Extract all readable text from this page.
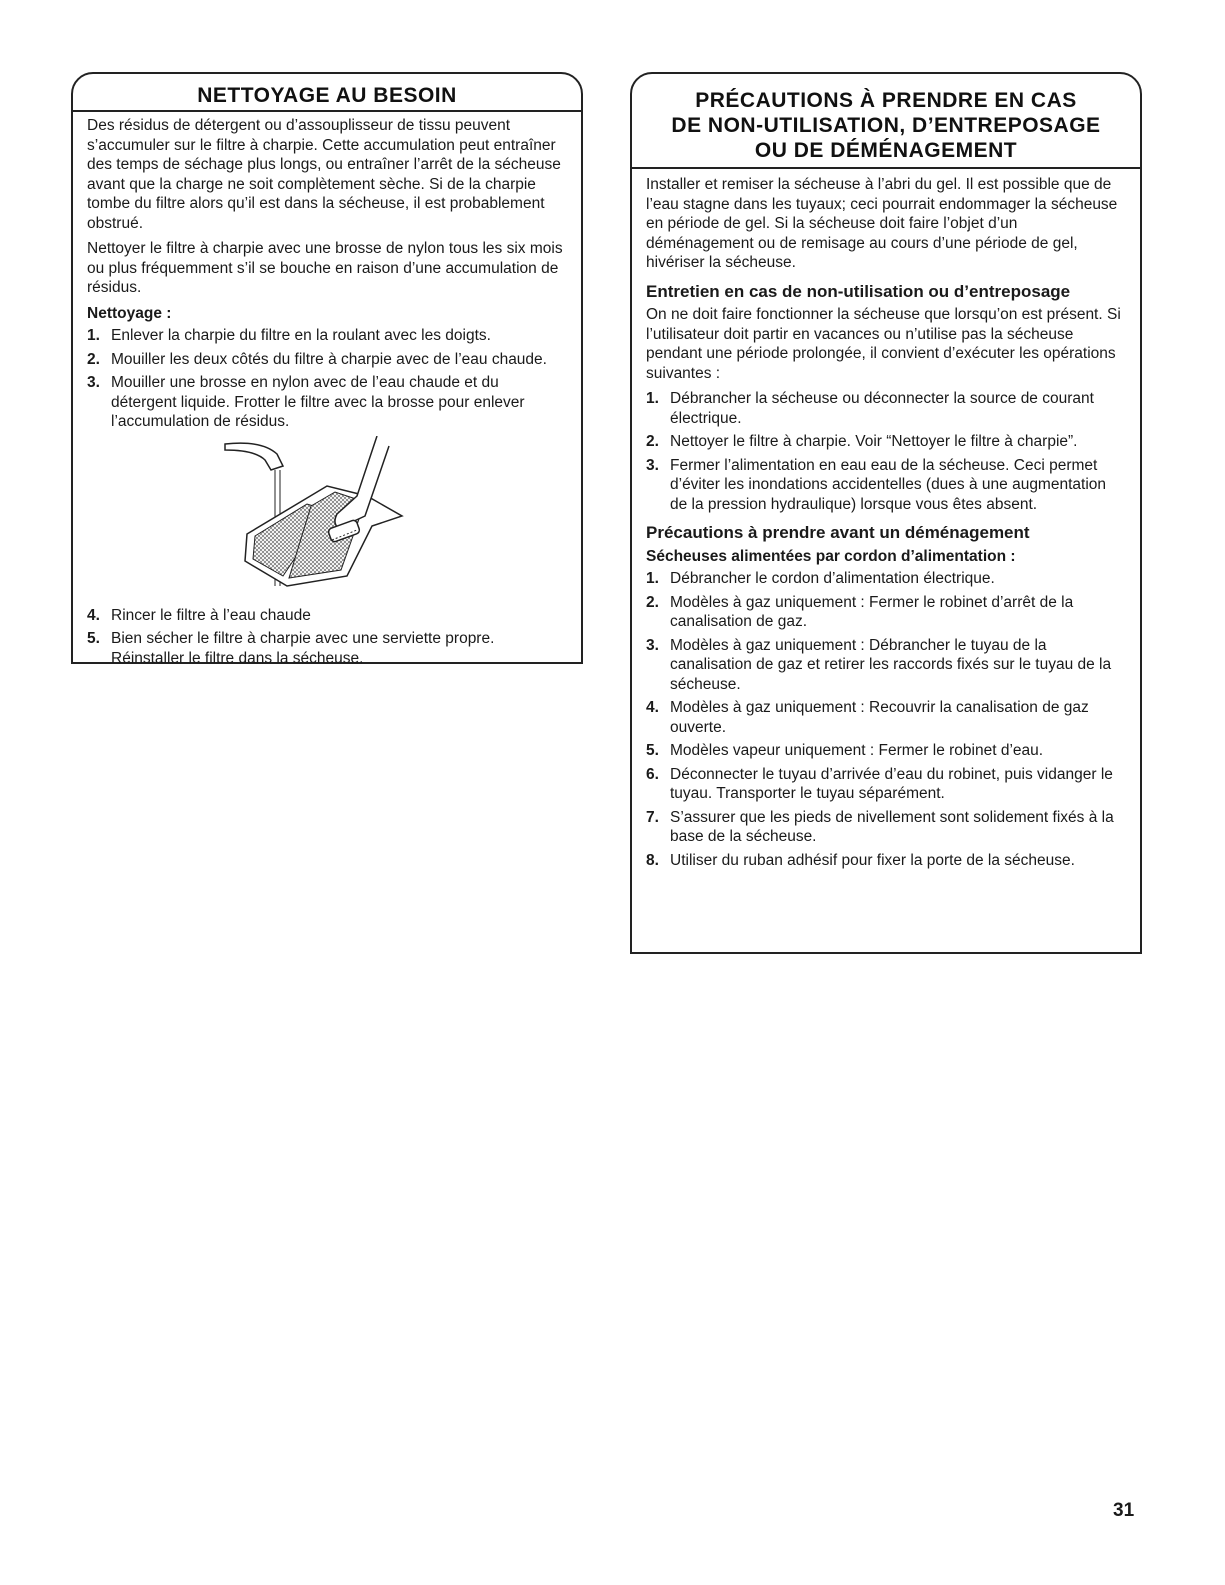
NETTOYAGE AU BESOIN

Des résidus de détergent ou d’assouplisseur de tissu peuvent s’accumuler sur le filtre à charpie. Cette accumulation peut entraîner des temps de séchage plus longs, ou entraîner l’arrêt de la sécheuse avant que la charge ne soit complètement sèche. Si de la charpie tombe du filtre alors qu’il est dans la sécheuse, il est probablement obstrué.

Nettoyer le filtre à charpie avec une brosse de nylon tous les six mois ou plus fréquemment s’il se bouche en raison d’une accumulation de résidus.

Nettoyage :
1. Enlever la charpie du filtre en la roulant avec les doigts.
2. Mouiller les deux côtés du filtre à charpie avec de l’eau chaude.
3. Mouiller une brosse en nylon avec de l’eau chaude et du détergent liquide. Frotter le filtre avec la brosse pour enlever l’accumulation de résidus.
4. Rincer le filtre à l’eau chaude
5. Bien sécher le filtre à charpie avec une serviette propre. Réinstaller le filtre dans la sécheuse.
PRÉCAUTIONS À PRENDRE EN CAS
DE NON-UTILISATION, D’ENTREPOSAGE
OU DE DÉMÉNAGEMENT

Installer et remiser la sécheuse à l’abri du gel. Il est possible que de l’eau stagne dans les tuyaux; ceci pourrait endommager la sécheuse en période de gel. Si la sécheuse doit faire l’objet d’un déménagement ou de remisage au cours d’une période de gel, hivériser la sécheuse.

Entretien en cas de non-utilisation ou d’entreposage

On ne doit faire fonctionner la sécheuse que lorsqu’on est présent. Si l’utilisateur doit partir en vacances ou n’utilise pas la sécheuse pendant une période prolongée, il convient d’exécuter les opérations suivantes :

1. Débrancher la sécheuse ou déconnecter la source de courant électrique.
2. Nettoyer le filtre à charpie. Voir “Nettoyer le filtre à charpie”.
3. Fermer l’alimentation en eau eau de la sécheuse. Ceci permet d’éviter les inondations accidentelles (dues à une augmentation de la pression hydraulique) lorsque vous êtes absent.
Précautions à prendre avant un déménagement
Sécheuses alimentées par cordon d’alimentation :
1. Débrancher le cordon d’alimentation électrique.
2. Modèles à gaz uniquement : Fermer le robinet d’arrêt de la canalisation de gaz.
3. Modèles à gaz uniquement : Débrancher le tuyau de la canalisation de gaz et retirer les raccords fixés sur le tuyau de la sécheuse.
4. Modèles à gaz uniquement : Recouvrir la canalisation de gaz ouverte.
5. Modèles vapeur uniquement : Fermer le robinet d’eau.
6. Déconnecter le tuyau d’arrivée d’eau du robinet, puis vidanger le tuyau. Transporter le tuyau séparément.
7. S’assurer que les pieds de nivellement sont solidement fixés à la base de la sécheuse.
8. Utiliser du ruban adhésif pour fixer la porte de la sécheuse.
31
